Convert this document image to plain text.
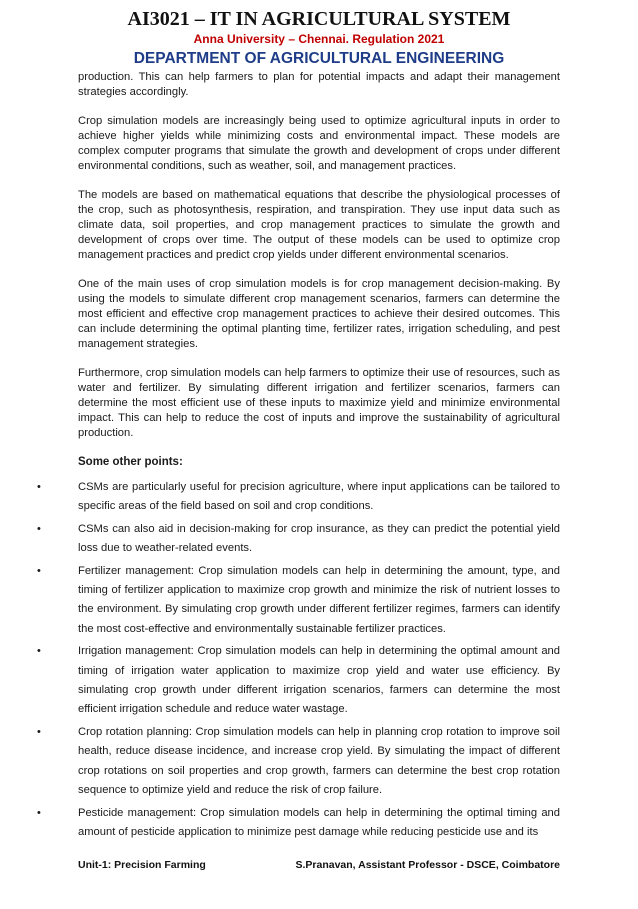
AI3021 – IT IN AGRICULTURAL SYSTEM
Anna University – Chennai. Regulation 2021
DEPARTMENT OF AGRICULTURAL ENGINEERING

production. This can help farmers to plan for potential impacts and adapt their management strategies accordingly.

Crop simulation models are increasingly being used to optimize agricultural inputs in order to achieve higher yields while minimizing costs and environmental impact. These models are complex computer programs that simulate the growth and development of crops under different environmental conditions, such as weather, soil, and management practices.

The models are based on mathematical equations that describe the physiological processes of the crop, such as photosynthesis, respiration, and transpiration. They use input data such as climate data, soil properties, and crop management practices to simulate the growth and development of crops over time. The output of these models can be used to optimize crop management practices and predict crop yields under different environmental scenarios.

One of the main uses of crop simulation models is for crop management decision-making. By using the models to simulate different crop management scenarios, farmers can determine the most efficient and effective crop management practices to achieve their desired outcomes. This can include determining the optimal planting time, fertilizer rates, irrigation scheduling, and pest management strategies.

Furthermore, crop simulation models can help farmers to optimize their use of resources, such as water and fertilizer. By simulating different irrigation and fertilizer scenarios, farmers can determine the most efficient use of these inputs to maximize yield and minimize environmental impact. This can help to reduce the cost of inputs and improve the sustainability of agricultural production.

Some other points:
•	CSMs are particularly useful for precision agriculture, where input applications can be tailored to specific areas of the field based on soil and crop conditions.
•	CSMs can also aid in decision-making for crop insurance, as they can predict the potential yield loss due to weather-related events.
•	Fertilizer management: Crop simulation models can help in determining the amount, type, and timing of fertilizer application to maximize crop growth and minimize the risk of nutrient losses to the environment. By simulating crop growth under different fertilizer regimes, farmers can identify the most cost-effective and environmentally sustainable fertilizer practices.
•	Irrigation management: Crop simulation models can help in determining the optimal amount and timing of irrigation water application to maximize crop yield and water use efficiency. By simulating crop growth under different irrigation scenarios, farmers can determine the most efficient irrigation schedule and reduce water wastage.
•	Crop rotation planning: Crop simulation models can help in planning crop rotation to improve soil health, reduce disease incidence, and increase crop yield. By simulating the impact of different crop rotations on soil properties and crop growth, farmers can determine the best crop rotation sequence to optimize yield and reduce the risk of crop failure.
•	Pesticide management: Crop simulation models can help in determining the optimal timing and amount of pesticide application to minimize pest damage while reducing pesticide use and its
Unit-1: Precision Farming	S.Pranavan, Assistant Professor - DSCE, Coimbatore
